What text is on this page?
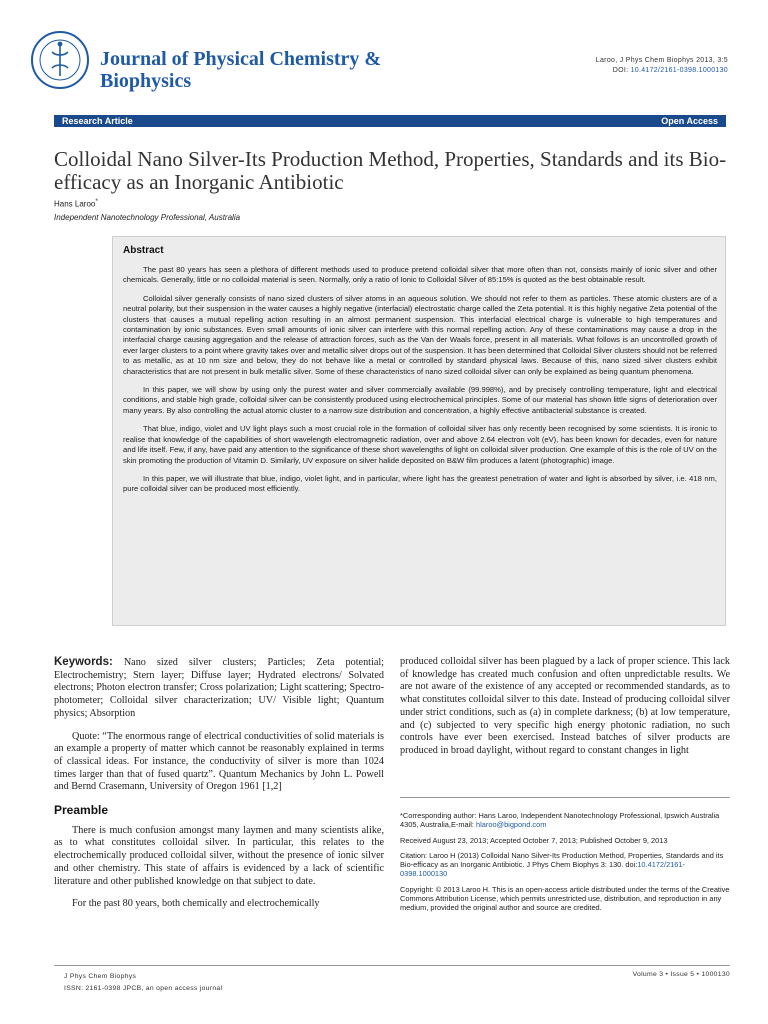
Journal of Physical Chemistry & Biophysics
Laroo, J Phys Chem Biophys 2013, 3:5
DOI: 10.4172/2161-0398.1000130
Research Article	Open Access
Colloidal Nano Silver-Its Production Method, Properties, Standards and its Bio-efficacy as an Inorganic Antibiotic
Hans Laroo*
Independent Nanotechnology Professional, Australia
Abstract

The past 80 years has seen a plethora of different methods used to produce pretend colloidal silver that more often than not, consists mainly of ionic silver and other chemicals. Generally, little or no colloidal material is seen. Normally, only a ratio of Ionic to Colloidal Silver of 85:15% is quoted as the best obtainable result.

Colloidal silver generally consists of nano sized clusters of silver atoms in an aqueous solution. We should not refer to them as particles. These atomic clusters are of a neutral polarity, but their suspension in the water causes a highly negative (interfacial) electrostatic charge called the Zeta potential. It is this highly negative Zeta potential of the clusters that causes a mutual repelling action resulting in an almost permanent suspension. This interfacial electrical charge is vulnerable to high temperatures and contamination by ionic substances. Even small amounts of ionic silver can interfere with this normal repelling action. Any of these contaminations may cause a drop in the interfacial charge causing aggregation and the release of attraction forces, such as the Van der Waals force, present in all materials. What follows is an uncontrolled growth of ever larger clusters to a point where gravity takes over and metallic silver drops out of the suspension. It has been determined that Colloidal Silver clusters should not be referred to as metallic, as at 10 nm size and below, they do not behave like a metal or controlled by standard physical laws. Because of this, nano sized silver clusters exhibit characteristics that are not present in bulk metallic silver. Some of these characteristics of nano sized colloidal silver can only be explained as being quantum phenomena.

In this paper, we will show by using only the purest water and silver commercially available (99.998%), and by precisely controlling temperature, light and electrical conditions, and stable high grade, colloidal silver can be consistently produced using electrochemical principles. Some of our material has shown little signs of deterioration over many years. By also controlling the actual atomic cluster to a narrow size distribution and concentration, a highly effective antibacterial substance is created.

That blue, indigo, violet and UV light plays such a most crucial role in the formation of colloidal silver has only recently been recognised by some scientists. It is ironic to realise that knowledge of the capabilities of short wavelength electromagnetic radiation, over and above 2.64 electron volt (eV), has been known for decades, even for nature and life itself. Few, if any, have paid any attention to the significance of these short wavelengths of light on colloidal silver production. One example of this is the role of UV on the skin promoting the production of Vitamin D. Similarly, UV exposure on silver halide deposited on B&W film produces a latent (photographic) image.

In this paper, we will illustrate that blue, indigo, violet light, and in particular, where light has the greatest penetration of water and light is absorbed by silver, i.e. 418 nm, pure colloidal silver can be produced most efficiently.

Keywords: Nano sized silver clusters; Particles; Zeta potential; Electrochemistry; Stern layer; Diffuse layer; Hydrated electrons/ Solvated electrons; Photon electron transfer; Cross polarization; Light scattering; Spectro-photometer; Colloidal silver characterization; UV/ Visible light; Quantum physics; Absorption

Quote: “The enormous range of electrical conductivities of solid materials is an example a property of matter which cannot be reasonably explained in terms of classical ideas. For instance, the conductivity of silver is more than 1024 times larger than that of fused quartz”. Quantum Mechanics by John L. Powell and Bernd Crasemann, University of Oregon 1961 [1,2]

Preamble

There is much confusion amongst many laymen and many scientists alike, as to what constitutes colloidal silver. In particular, this relates to the electrochemically produced colloidal silver, without the presence of ionic silver and other chemistry. This state of affairs is evidenced by a lack of scientific literature and other published knowledge on that subject to date.

For the past 80 years, both chemically and electrochemically

produced colloidal silver has been plagued by a lack of proper science. This lack of knowledge has created much confusion and often unpredictable results. We are not aware of the existence of any accepted or recommended standards, as to what constitutes colloidal silver to this date. Instead of producing colloidal silver under strict conditions, such as (a) in complete darkness; (b) at low temperature, and (c) subjected to very specific high energy photonic radiation, no such controls have ever been exercised. Instead batches of silver products are produced in broad daylight, without regard to constant changes in light

*Corresponding author: Hans Laroo, Independent Nanotechnology Professional, Ipswich Australia 4305, Australia,E-mail: hlaroo@bigpond.com

Received August 23, 2013; Accepted October 7, 2013; Published October 9, 2013

Citation: Laroo H (2013) Colloidal Nano Silver-Its Production Method, Properties, Standards and its Bio-efficacy as an Inorganic Antibiotic. J Phys Chem Biophys 3: 130. doi:10.4172/2161-0398.1000130

Copyright: © 2013 Laroo H. This is an open-access article distributed under the terms of the Creative Commons Attribution License, which permits unrestricted use, distribution, and reproduction in any medium, provided the original author and source are credited.

J Phys Chem Biophys
ISSN: 2161-0398 JPCB, an open access journal
Volume 3 • Issue 5 • 1000130
